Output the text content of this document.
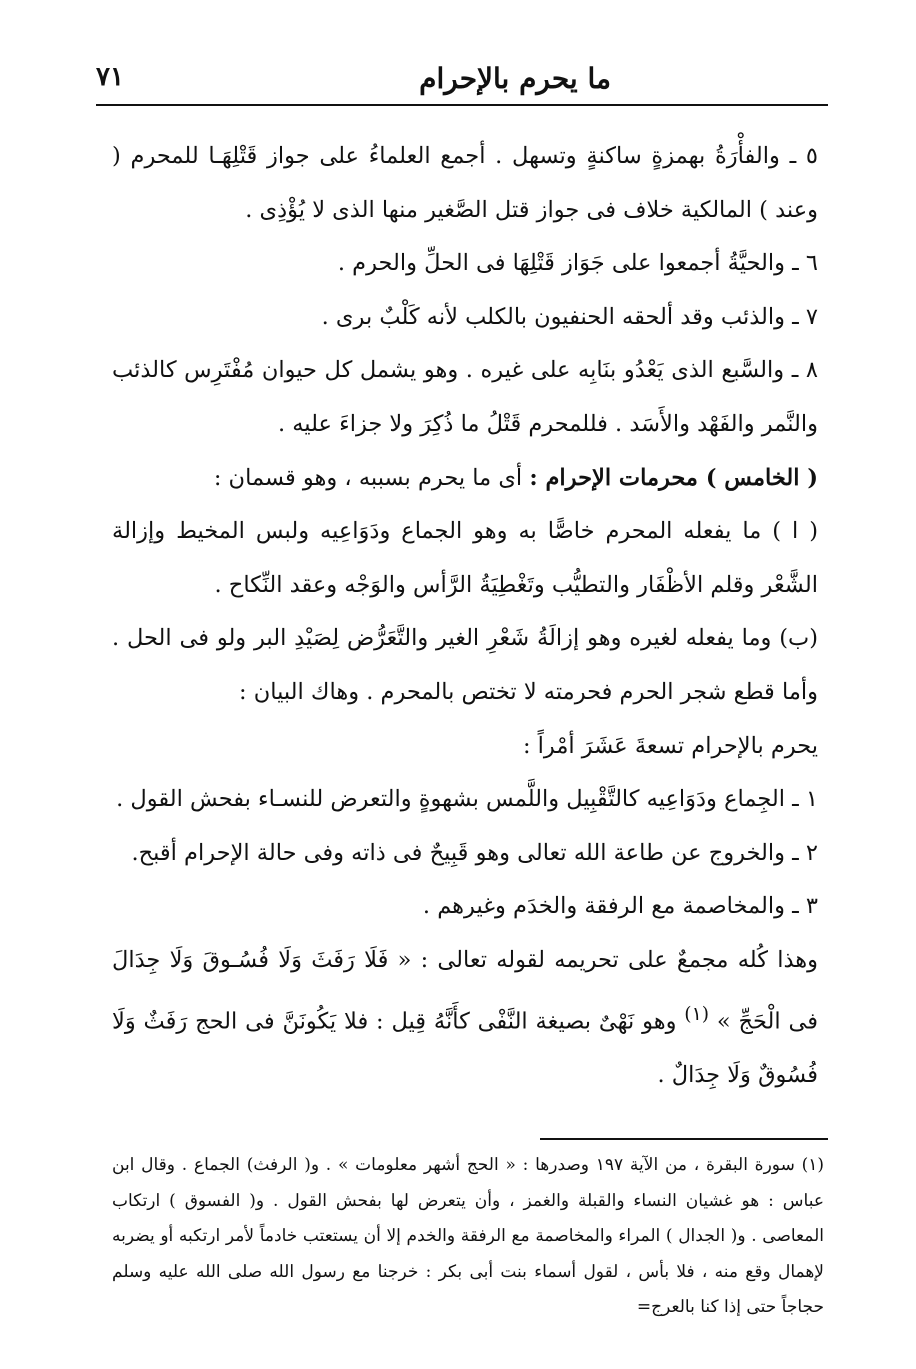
ما يحرم بالإحرام
٧١

٥ ـ والفأْرَةُ بهمزةٍ ساكنةٍ وتسهل . أجمع العلماءُ على جواز قَتْلِهَـا للمحرم ( وعند ) المالكية خلاف فى جواز قتل الصَّغير منها الذى لا يُؤْذِى .

٦ ـ والحيَّةُ أجمعوا على جَوَاز قَتْلِهَا فى الحلِّ والحرم .

٧ ـ والذئب وقد ألحقه الحنفيون بالكلب لأنه كَلْبٌ برى .

٨ ـ والسَّبع الذى يَعْدُو بنَابِه على غيره . وهو يشمل كل حيوان مُفْتَرِس كالذئب والنَّمر والفَهْد والأَسَد . فللمحرم قَتْلُ ما ذُكِرَ ولا جزاءَ عليه .

( الخامس ) محرمات الإحرام : أى ما يحرم بسببه ، وهو قسمان :

( ا ) ما يفعله المحرم خاصًّا به وهو الجماع ودَوَاعِيه ولبس المخيط وإزالة الشَّعْر وقلم الأظْفَار والتطيُّب وتَغْطِيَةُ الرَّأس والوَجْه وعقد النِّكاح .

(ب) وما يفعله لغيره وهو إزالَةُ شَعْرِ الغير والتَّعَرُّض لِصَيْدِ البر ولو فى الحل . وأما قطع شجر الحرم فحرمته لا تختص بالمحرم . وهاك البيان :

يحرم بالإحرام تسعةَ عَشَرَ أمْراً :

١ ـ الجِماع ودَوَاعِيه كالتَّقْبِيل واللَّمس بشهوةٍ والتعرض للنسـاء بفحش القول .

٢ ـ والخروج عن طاعة الله تعالى وهو قَبِيحٌ فى ذاته وفى حالة الإحرام أقبح.

٣ ـ والمخاصمة مع الرفقة والخدَم وغيرهم .

وهذا كُله مجمعٌ على تحريمه لقوله تعالى : « فَلَا رَفَثَ وَلَا فُسُـوقَ وَلَا جِدَالَ فى الْحَجِّ » $^{(١)}$ وهو نَهْىٌ بصيغة النَّفْى كأَنَّهُ قِيل : فلا يَكُونَنَّ فى الحج رَفَثٌ وَلَا فُسُوقٌ وَلَا جِدَالٌ .

(١) سورة البقرة ، من الآية ١٩٧ وصدرها : « الحج أشهر معلومات » . و( الرفث) الجماع . وقال ابن عباس : هو غشيان النساء والقبلة والغمز ، وأن يتعرض لها بفحش القول . و( الفسوق ) ارتكاب المعاصى . و( الجدال ) المراء والمخاصمة مع الرفقة والخدم إلا أن يستعتب خادماً لأمر ارتكبه أو يضربه لإهمال وقع منه ، فلا بأس ، لقول أسماء بنت أبى بكر : خرجنا مع رسول الله صلى الله عليه وسلم حجاجاً حتى إذا كنا بالعرج=
